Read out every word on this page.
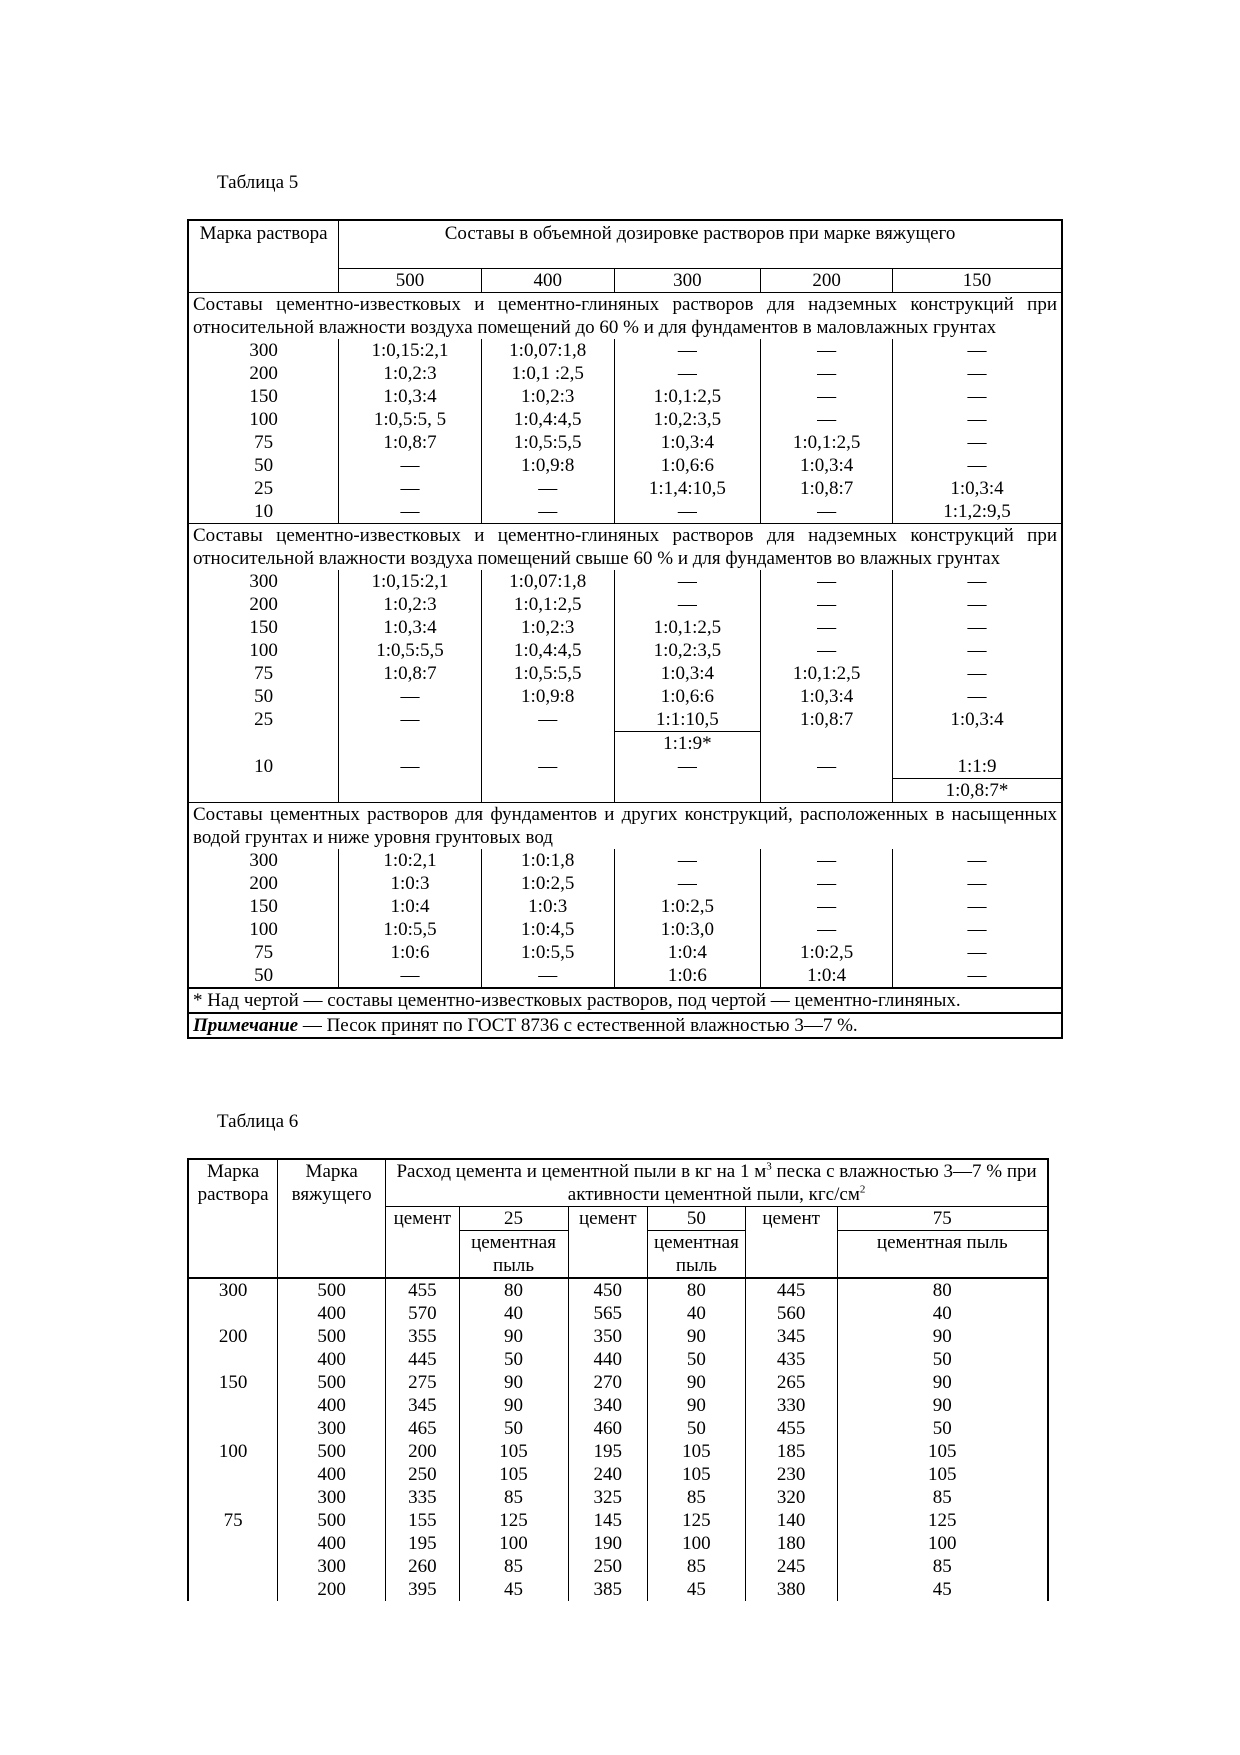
Таблица 5
Марка раствора	Составы в объемной дозировке растворов при марке вяжущего				
	500	400	300	200	150
Составы цементно-известковых и цементно-глиняных растворов для надземных конструкций при относительной влажности воздуха помещений до 60 % и для фундаментов в маловлажных грунтах					
300	1:0,15:2,1	1:0,07:1,8	—	—	—
200	1:0,2:3	1:0,1 :2,5	—	—	—
150	1:0,3:4	1:0,2:3	1:0,1:2,5	—	—
100	1:0,5:5, 5	1:0,4:4,5	1:0,2:3,5	—	—
75	1:0,8:7	1:0,5:5,5	1:0,3:4	1:0,1:2,5	—
50	—	1:0,9:8	1:0,6:6	1:0,3:4	—
25	—	—	1:1,4:10,5	1:0,8:7	1:0,3:4
10	—	—	—	—	1:1,2:9,5
Составы цементно-известковых и цементно-глиняных растворов для надземных конструкций при относительной влажности воздуха помещений свыше 60 % и для фундаментов во влажных грунтах					
300	1:0,15:2,1	1:0,07:1,8	—	—	—
200	1:0,2:3	1:0,1:2,5	—	—	—
150	1:0,3:4	1:0,2:3	1:0,1:2,5	—	—
100	1:0,5:5,5	1:0,4:4,5	1:0,2:3,5	—	—
75	1:0,8:7	1:0,5:5,5	1:0,3:4	1:0,1:2,5	—
50	—	1:0,9:8	1:0,6:6	1:0,3:4	—
25	—	—	1:1:10,5	1:0,8:7	1:0,3:4
			1:1:9*		
10	—	—	—	—	1:1:9
					1:0,8:7*
Составы цементных растворов для фундаментов и других конструкций, расположенных в насыщенных водой грунтах и ниже уровня грунтовых вод					
300	1:0:2,1	1:0:1,8	—	—	—
200	1:0:3	1:0:2,5	—	—	—
150	1:0:4	1:0:3	1:0:2,5	—	—
100	1:0:5,5	1:0:4,5	1:0:3,0	—	—
75	1:0:6	1:0:5,5	1:0:4	1:0:2,5	—
50	—	—	1:0:6	1:0:4	—
* Над чертой — составы цементно-известковых растворов, под чертой — цементно-глиняных.					
Примечание — Песок принят по ГОСТ 8736 с естественной влажностью 3—7 %.					
Таблица 6
Марка раствора	Марка вяжущего	Расход цемента и цементной пыли в кг на 1 $м^3$ песка с влажностью 3—7 % при активности цементной пыли, кгс/$см^2$
		цемент	25	цемент	50	цемент	75
			цементная пыль		цементная пыль		цементная пыль
300	500	455	80	450	80	445	80
	400	570	40	565	40	560	40
200	500	355	90	350	90	345	90
	400	445	50	440	50	435	50
150	500	275	90	270	90	265	90
	400	345	90	340	90	330	90
	300	465	50	460	50	455	50
100	500	200	105	195	105	185	105
	400	250	105	240	105	230	105
	300	335	85	325	85	320	85
75	500	155	125	145	125	140	125
	400	195	100	190	100	180	100
	300	260	85	250	85	245	85
	200	395	45	385	45	380	45
